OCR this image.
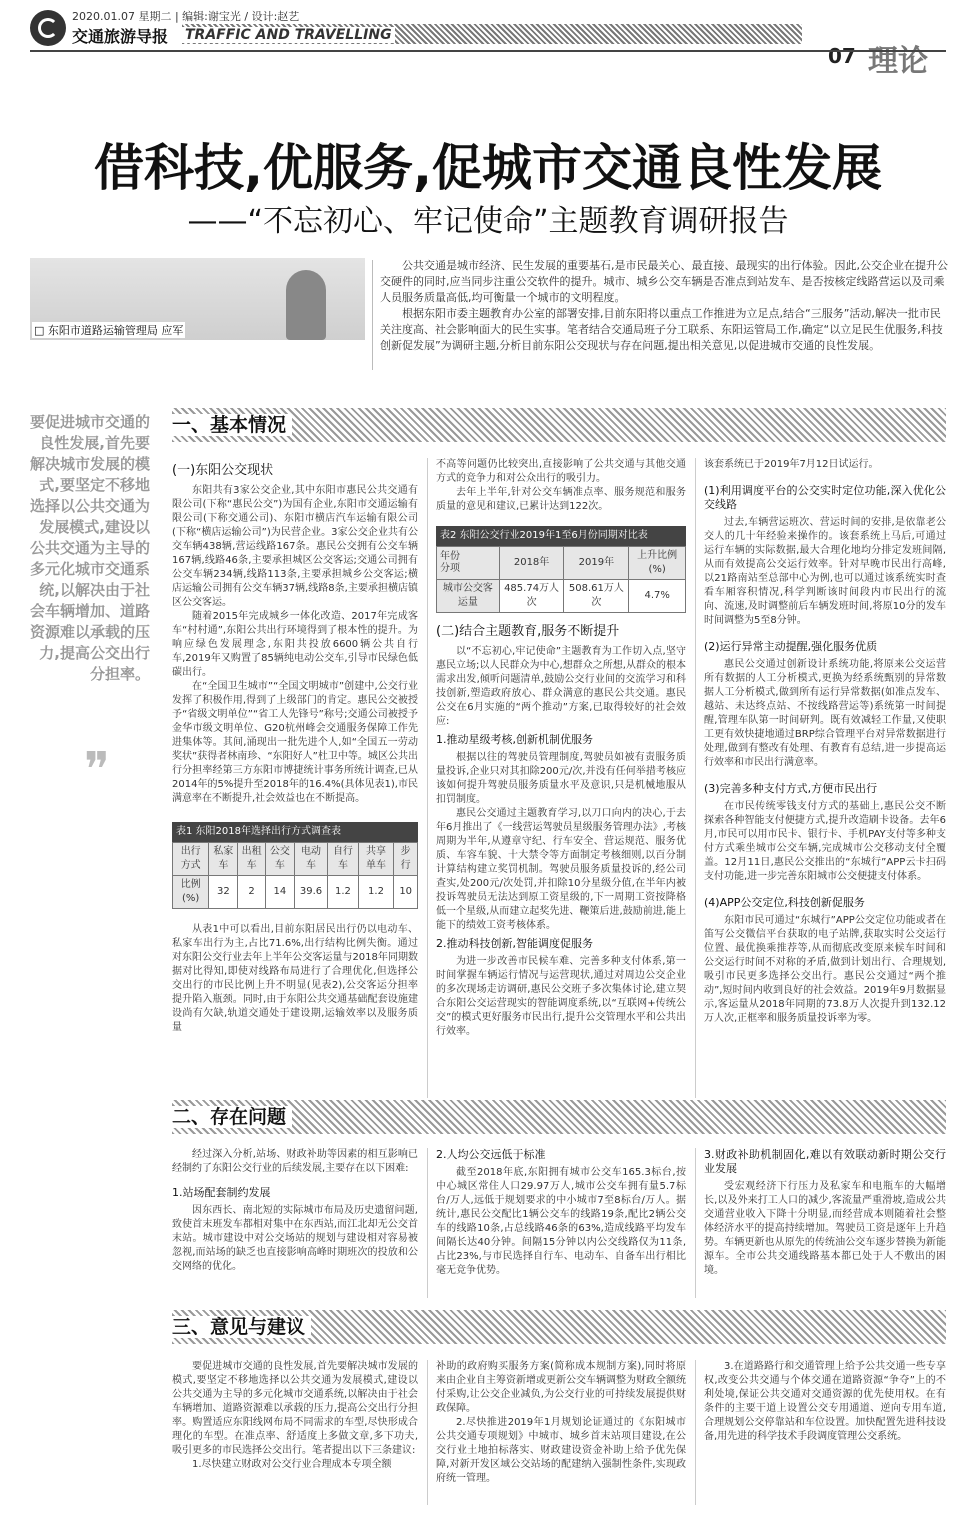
2020.01.07 星期二 | 编辑:谢宝光 / 设计:赵艺
交通旅游导报 TRAFFIC AND TRAVELLING
07 理论
借科技,优服务,促城市交通良性发展
——“不忘初心、牢记使命”主题教育调研报告
□ 东阳市道路运输管理局 应军

公共交通是城市经济、民生发展的重要基石,是市民最关心、最直接、最现实的出行体验。因此,公交企业在提升公交硬件的同时,应当同步注重公交软件的提升。城市、城乡公交车辆是否准点到站发车、是否按核定线路营运以及司乘人员服务质量高低,均可衡量一个城市的文明程度。

根据东阳市委主题教育办公室的部署安排,目前东阳将以重点工作推进为立足点,结合“三服务”活动,解决一批市民关注度高、社会影响面大的民生实事。笔者结合交通局班子分工联系、东阳运管局工作,确定“以立足民生优服务,科技创新促发展”为调研主题,分析目前东阳公交现状与存在问题,提出相关意见,以促进城市交通的良性发展。

要促进城市交通的良性发展,首先要解决城市发展的模式,要坚定不移地选择以公共交通为发展模式,建设以公共交通为主导的多元化城市交通系统,以解决由于社会车辆增加、道路资源难以承载的压力,提高公交出行分担率。
❞
一、基本情况
(一)东阳公交现状

东阳共有3家公交企业,其中东阳市惠民公共交通有限公司(下称“惠民公交”)为国有企业,东阳市交通运输有限公司(下称交通公司)、东阳市横店汽车运输有限公司(下称“横店运输公司”)为民营企业。3家公交企业共有公交车辆438辆,营运线路167条。惠民公交拥有公交车辆167辆,线路46条,主要承担城区公交客运;交通公司拥有公交车辆234辆,线路113条,主要承担城乡公交客运;横店运输公司拥有公交车辆37辆,线路8条,主要承担横店镇区公交客运。

随着2015年完成城乡一体化改造、2017年完成客车“村村通”,东阳公共出行环境得到了根本性的提升。为响应绿色发展理念,东阳共投放6600辆公共自行车,2019年又购置了85辆纯电动公交车,引导市民绿色低碳出行。

在“全国卫生城市”“全国文明城市”创建中,公交行业发挥了积极作用,得到了上级部门的肯定。惠民公交被授予“省级文明单位”“省工人先锋号”称号;交通公司被授予金华市级文明单位、G20杭州峰会交通服务保障工作先进集体等。其间,涌现出一批先进个人,如“全国五一劳动奖状”获得者林南珍、“东阳好人”杜卫中等。城区公共出行分担率经第三方东阳市博捷统计事务所统计调查,已从2014年的5%提升至2018年的16.4%(具体见表1),市民满意率在不断提升,社会效益也在不断提高。

表1 东阳2018年选择出行方式调查表
出行方式	私家车	出租车	公交车	电动车	自行车	共享单车	步行
比例(%)	32	2	14	39.6	1.2	1.2	10

从表1中可以看出,目前东阳居民出行仍以电动车、私家车出行为主,占比71.6%,出行结构比例失衡。通过对东阳公交行业去年上半年公交客运量与2018年同期数据对比得知,即使对线路布局进行了合理优化,但选择公交出行的市民比例上升不明显(见表2),公交客运分担率提升陷入瓶颈。同时,由于东阳公共交通基础配套设施建设尚有欠缺,轨道交通处于建设期,运输效率以及服务质量

不高等问题仍比较突出,直接影响了公共交通与其他交通方式的竞争力和对公众出行的吸引力。

去年上半年,针对公交车辆准点率、服务规范和服务质量的意见和建议,已累计达到122次。

表2 东阳公交行业2019年1至6月份同期对比表
年份
分项	2018年	2019年	上升比例(%)
城市公交客运量	485.74万人次	508.61万人次	4.7%
(二)结合主题教育,服务不断提升

以“不忘初心,牢记使命”主题教育为工作切入点,坚守惠民立场;以人民群众为中心,想群众之所想,从群众的根本需求出发,倾听问题清单,鼓励公交行业间的交流学习和科技创新,塑造政府放心、群众满意的惠民公共交通。惠民公交在6月实施的“两个推动”方案,已取得较好的社会效应:

1.推动星级考核,创新机制优服务

根据以往的驾驶员管理制度,驾驶员如被有责服务质量投诉,企业只对其扣除200元/次,并没有任何举措考核应该如何提升驾驶员服务质量水平及意识,只是机械地服从扣罚制度。

惠民公交通过主题教育学习,以刀口向内的决心,于去年6月推出了《一线营运驾驶员星级服务管理办法》,考核周期为半年,从遵章守纪、行车安全、营运规范、服务优质、车容车貌、十大禁令等方面制定考核细则,以百分制计算结构建立奖罚机制。驾驶员服务质量投诉的,经公司查实,处200元/次处罚,并扣除10分星级分值,在半年内被投诉驾驶员无法达到原工资星级的,下一周期工资按降格低一个星级,从而建立起奖先进、鞭策后进,鼓励前进,能上能下的绩效工资考核体系。

2.推动科技创新,智能调度促服务

为进一步改善市民候车难、完善多种支付体系,第一时间掌握车辆运行情况与运营现状,通过对周边公交企业的多次现场走访调研,惠民公交班子多次集体讨论,建立契合东阳公交运营现实的智能调度系统,以“互联网+传统公交”的模式更好服务市民出行,提升公交管理水平和公共出行效率。

该套系统已于2019年7月12日试运行。

(1)利用调度平台的公交实时定位功能,深入优化公交线路

过去,车辆营运班次、营运时间的安排,是依靠老公交人的几十年经验来操作的。该套系统上马后,可通过运行车辆的实际数据,最大合理化地均分排定发班间隔,从而有效提高公交运行效率。针对早晚市民出行高峰,以21路南站至总部中心为例,也可以通过该系统实时查看车厢容积情况,科学判断该时间段内市民出行的流向、流速,及时调整前后车辆发班时间,将原10分的发车时间调整为5至8分钟。

(2)运行异常主动提醒,强化服务优质

惠民公交通过创新设计系统功能,将原来公交运营所有数据的人工分析模式,更换为经系统甄别的异常数据人工分析模式,做到所有运行异常数据(如准点发车、越站、未达终点站、不按线路营运等)系统第一时间提醒,管理车队第一时间研判。既有效减轻工作量,又使职工更有效快捷地通过BRP综合管理平台对异常数据进行处理,做到有整改有处理、有教育有总结,进一步提高运行效率和市民出行满意率。

(3)完善多种支付方式,方便市民出行

在市民传统零钱支付方式的基础上,惠民公交不断探索各种智能支付便捷方式,提升改造刷卡设备。去年6月,市民可以用市民卡、银行卡、手机PAY支付等多种支付方式乘坐城市公交车辆,完成城市公交移动支付全覆盖。12月11日,惠民公交推出的“东城行”APP云卡扫码支付功能,进一步完善东阳城市公交便捷支付体系。

(4)APP公交定位,科技创新促服务

东阳市民可通过“东城行”APP公交定位功能或者在笛写公交微信平台获取的电子站牌,获取实时公交运行位置、最优换乘推荐等,从而彻底改变原来候车时间和公交运行时间不对称的矛盾,做到计划出行、合理规划,吸引市民更多选择公交出行。惠民公交通过“两个推动”,短时间内收到良好的社会效益。2019年9月数据显示,客运量从2018年同期的73.8万人次提升到132.12万人次,正框率和服务质量投诉率为零。

二、存在问题

经过深入分析,站场、财政补助等因素的相互影响已经制约了东阳公交行业的后续发展,主要存在以下困难:

1.站场配套制约发展

因东西长、南北短的实际城市布局及历史遗留问题,致使首末班发车都相对集中在东西站,而江北却无公交首末站。城市建设中对公交场站的规划与建设相对容易被忽视,而站场的缺乏也直接影响高峰时期班次的投放和公交网络的优化。

2.人均公交远低于标准

截至2018年底,东阳拥有城市公交车165.3标台,按中心城区常住人口29.97万人,城市公交车拥有量5.7标台/万人,远低于规划要求的中小城市7至8标台/万人。据统计,惠民公交配比1辆公交车的线路19条,配比2辆公交车的线路10条,占总线路46条的63%,造成线路平均发车间隔长达40分钟。间隔15分钟以内公交线路仅为11条,占比23%,与市民选择自行车、电动车、自备车出行相比毫无竞争优势。

3.财政补助机制固化,难以有效联动新时期公交行业发展

受宏观经济下行压力及私家车和电瓶车的大幅增长,以及外来打工人口的减少,客流量严重滑坡,造成公共交通营业收入下降十分明显,而经营成本则随着社会整体经济水平的提高持续增加。驾驶员工资是逐年上升趋势。车辆更新也从原先的传统油公交车逐步替换为新能源车。全市公共交通线路基本都已处于人不敷出的困境。

三、意见与建议

要促进城市交通的良性发展,首先要解决城市发展的模式,要坚定不移地选择以公共交通为发展模式,建设以公共交通为主导的多元化城市交通系统,以解决由于社会车辆增加、道路资源难以承载的压力,提高公交出行分担率。购置适应东阳线网布局不同需求的车型,尽快形成合理化的车型。在准点率、舒适度上多做文章,多下功夫,吸引更多的市民选择公交出行。笔者提出以下三条建议:

1.尽快建立财政对公交行业合理成本专项全额

补助的政府购买服务方案(简称成本规制方案),同时将原来由企业自主筹资新增或更新公交车辆调整为财政全额统付采购,让公交企业减负,为公交行业的可持续发展提供财政保障。

2.尽快推进2019年1月规划论证通过的《东阳城市公共交通专项规划》中城市、城乡首末站项目建设,在公交行业土地拍标落实、财政建设资金补助上给予优先保障,对新开发区域公交站场的配建纳入强制性条件,实现政府统一管理。

3.在道路路行和交通管理上给予公共交通一些专享权,改变公共交通与个体交通在道路资源“争夺”上的不利处境,保证公共交通对交通资源的优先使用权。在有条件的主要干道上设置公交专用通道、逆向专用车道,合理规划公交停靠站和车位设置。加快配置先进科技设备,用先进的科学技术手段调度管理公交系统。
